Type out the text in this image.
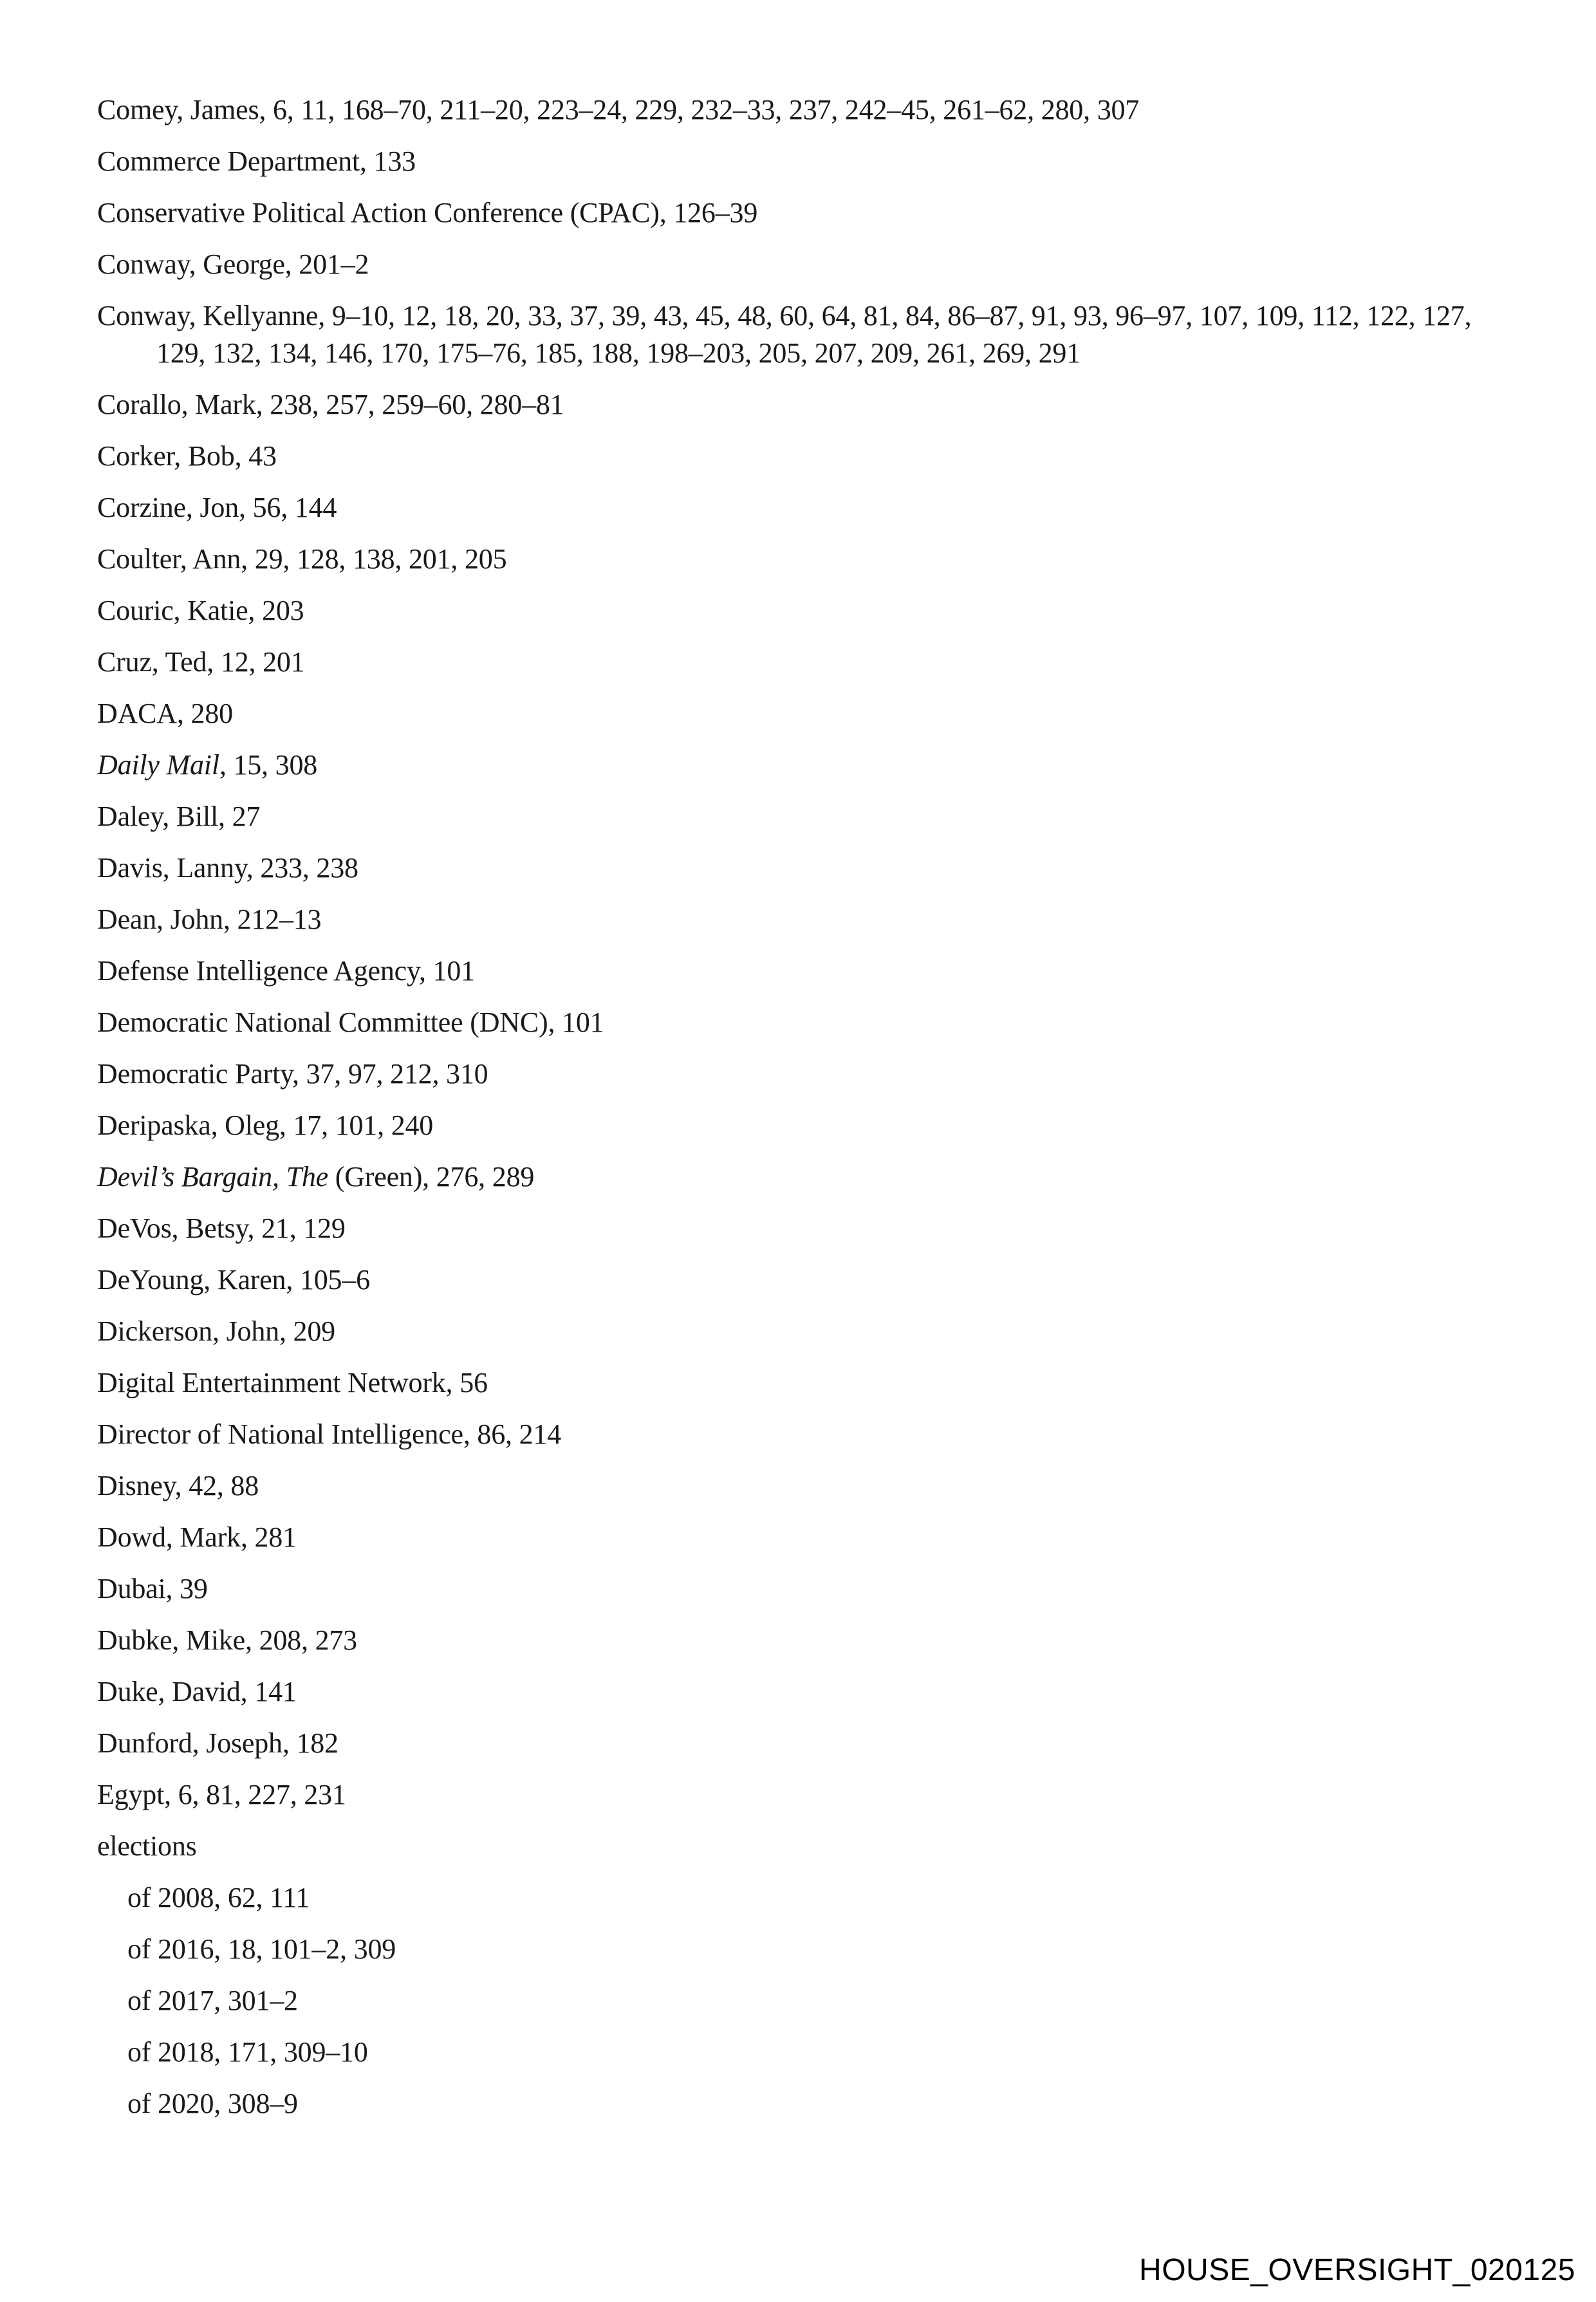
Comey, James, 6, 11, 168–70, 211–20, 223–24, 229, 232–33, 237, 242–45, 261–62, 280, 307
Commerce Department, 133
Conservative Political Action Conference (CPAC), 126–39
Conway, George, 201–2
Conway, Kellyanne, 9–10, 12, 18, 20, 33, 37, 39, 43, 45, 48, 60, 64, 81, 84, 86–87, 91, 93, 96–97, 107, 109, 112, 122, 127, 129, 132, 134, 146, 170, 175–76, 185, 188, 198–203, 205, 207, 209, 261, 269, 291
Corallo, Mark, 238, 257, 259–60, 280–81
Corker, Bob, 43
Corzine, Jon, 56, 144
Coulter, Ann, 29, 128, 138, 201, 205
Couric, Katie, 203
Cruz, Ted, 12, 201
DACA, 280
Daily Mail, 15, 308
Daley, Bill, 27
Davis, Lanny, 233, 238
Dean, John, 212–13
Defense Intelligence Agency, 101
Democratic National Committee (DNC), 101
Democratic Party, 37, 97, 212, 310
Deripaska, Oleg, 17, 101, 240
Devil’s Bargain, The (Green), 276, 289
DeVos, Betsy, 21, 129
DeYoung, Karen, 105–6
Dickerson, John, 209
Digital Entertainment Network, 56
Director of National Intelligence, 86, 214
Disney, 42, 88
Dowd, Mark, 281
Dubai, 39
Dubke, Mike, 208, 273
Duke, David, 141
Dunford, Joseph, 182
Egypt, 6, 81, 227, 231
elections
of 2008, 62, 111
of 2016, 18, 101–2, 309
of 2017, 301–2
of 2018, 171, 309–10
of 2020, 308–9
HOUSE_OVERSIGHT_020125
